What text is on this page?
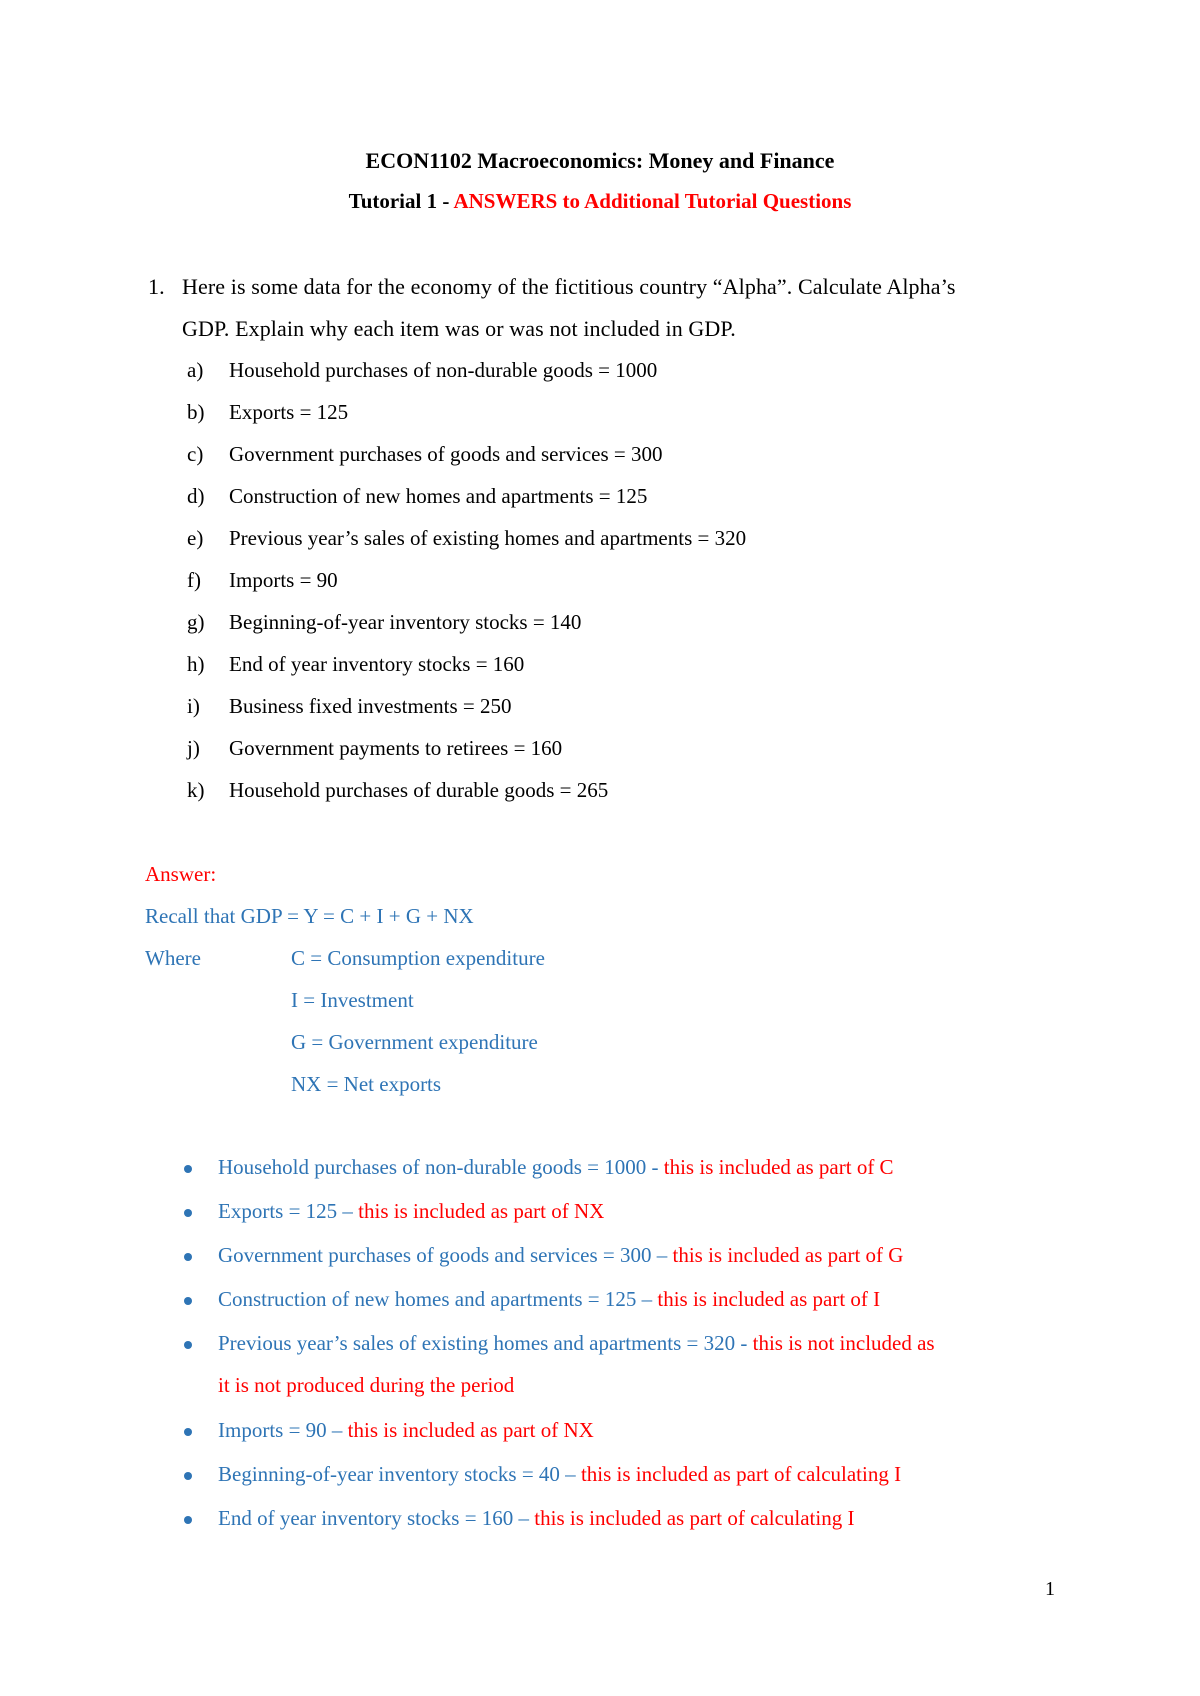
ECON1102 Macroeconomics: Money and Finance
Tutorial 1 - ANSWERS to Additional Tutorial Questions
1. Here is some data for the economy of the fictitious country “Alpha”. Calculate Alpha’s
GDP. Explain why each item was or was not included in GDP.
a) Household purchases of non-durable goods = 1000
b) Exports = 125
c) Government purchases of goods and services = 300
d) Construction of new homes and apartments = 125
e) Previous year’s sales of existing homes and apartments = 320
f) Imports = 90
g) Beginning-of-year inventory stocks = 140
h) End of year inventory stocks = 160
i) Business fixed investments = 250
j) Government payments to retirees = 160
k) Household purchases of durable goods = 265
Answer:
Recall that GDP = Y = C + I + G + NX
Where	C = Consumption expenditure
I = Investment
G = Government expenditure
NX = Net exports
Household purchases of non-durable goods = 1000 - this is included as part of C
Exports = 125 – this is included as part of NX
Government purchases of goods and services = 300 – this is included as part of G
Construction of new homes and apartments = 125 – this is included as part of I
Previous year’s sales of existing homes and apartments = 320 - this is not included as
it is not produced during the period
Imports = 90 – this is included as part of NX
Beginning-of-year inventory stocks = 40 – this is included as part of calculating I
End of year inventory stocks = 160 – this is included as part of calculating I
1
